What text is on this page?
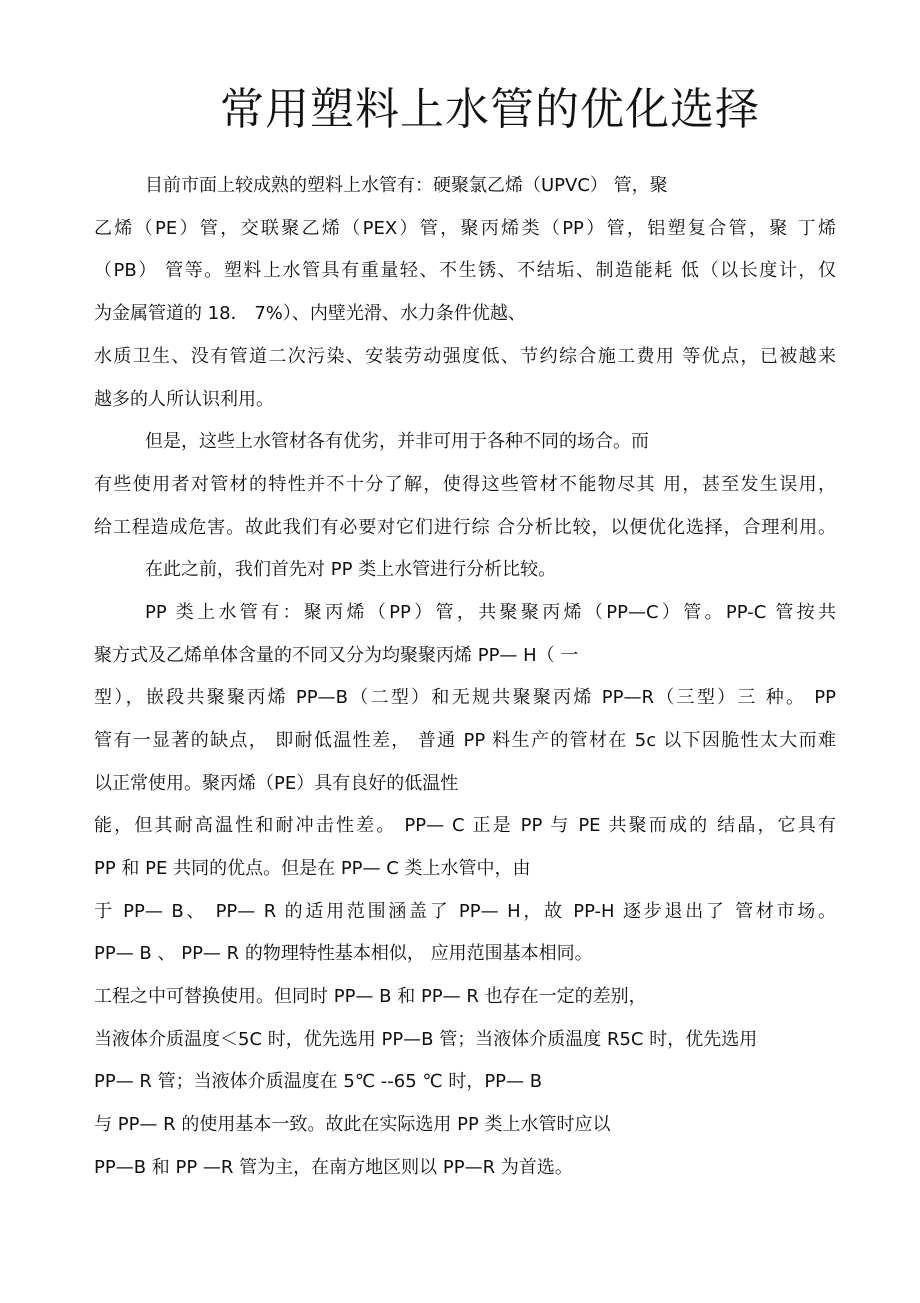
常用塑料上水管的优化选择
目前市面上较成熟的塑料上水管有：硬聚氯乙烯（UPVC） 管，聚
乙烯（PE）管，交联聚乙烯（PEX）管，聚丙烯类（PP）管，铝塑复合管，聚 丁烯
（PB） 管等。塑料上水管具有重量轻、不生锈、不结垢、制造能耗 低（以长度计，仅
为金属管道的 18． 7%）、内壁光滑、水力条件优越、
水质卫生、没有管道二次污染、安装劳动强度低、节约综合施工费用 等优点，已被越来
越多的人所认识利用。
但是，这些上水管材各有优劣，并非可用于各种不同的场合。而
有些使用者对管材的特性并不十分了解，使得这些管材不能物尽其 用，甚至发生误用，
给工程造成危害。故此我们有必要对它们进行综 合分析比较，以便优化选择，合理利用。
在此之前，我们首先对 PP 类上水管进行分析比较。
PP 类上水管有：聚丙烯（PP）管，共聚聚丙烯（PP—C）管。PP-C 管按共
聚方式及乙烯单体含量的不同又分为均聚聚丙烯 PP— H（ 一
型），嵌段共聚聚丙烯 PP—B（二型）和无规共聚聚丙烯 PP—R（三型）三 种。 PP
管有一显著的缺点， 即耐低温性差， 普通 PP 料生产的管材在 5c 以下因脆性太大而难
以正常使用。聚丙烯（PE）具有良好的低温性
能，但其耐高温性和耐冲击性差。 PP— C 正是 PP 与 PE 共聚而成的 结晶，它具有
PP 和 PE 共同的优点。但是在 PP— C 类上水管中，由
于 PP— B、 PP— R 的适用范围涵盖了 PP— H，故 PP-H 逐步退出了 管材市场。
PP— B 、 PP— R 的物理特性基本相似， 应用范围基本相同。
工程之中可替换使用。但同时 PP— B 和 PP— R 也存在一定的差别，
当液体介质温度＜5C 时，优先选用 PP—B 管；当液体介质温度 R5C 时，优先选用
PP— R 管；当液体介质温度在 5℃ --65 ℃ 时，PP— B
与 PP— R 的使用基本一致。故此在实际选用 PP 类上水管时应以
PP—B 和 PP —R 管为主，在南方地区则以 PP—R 为首选。
